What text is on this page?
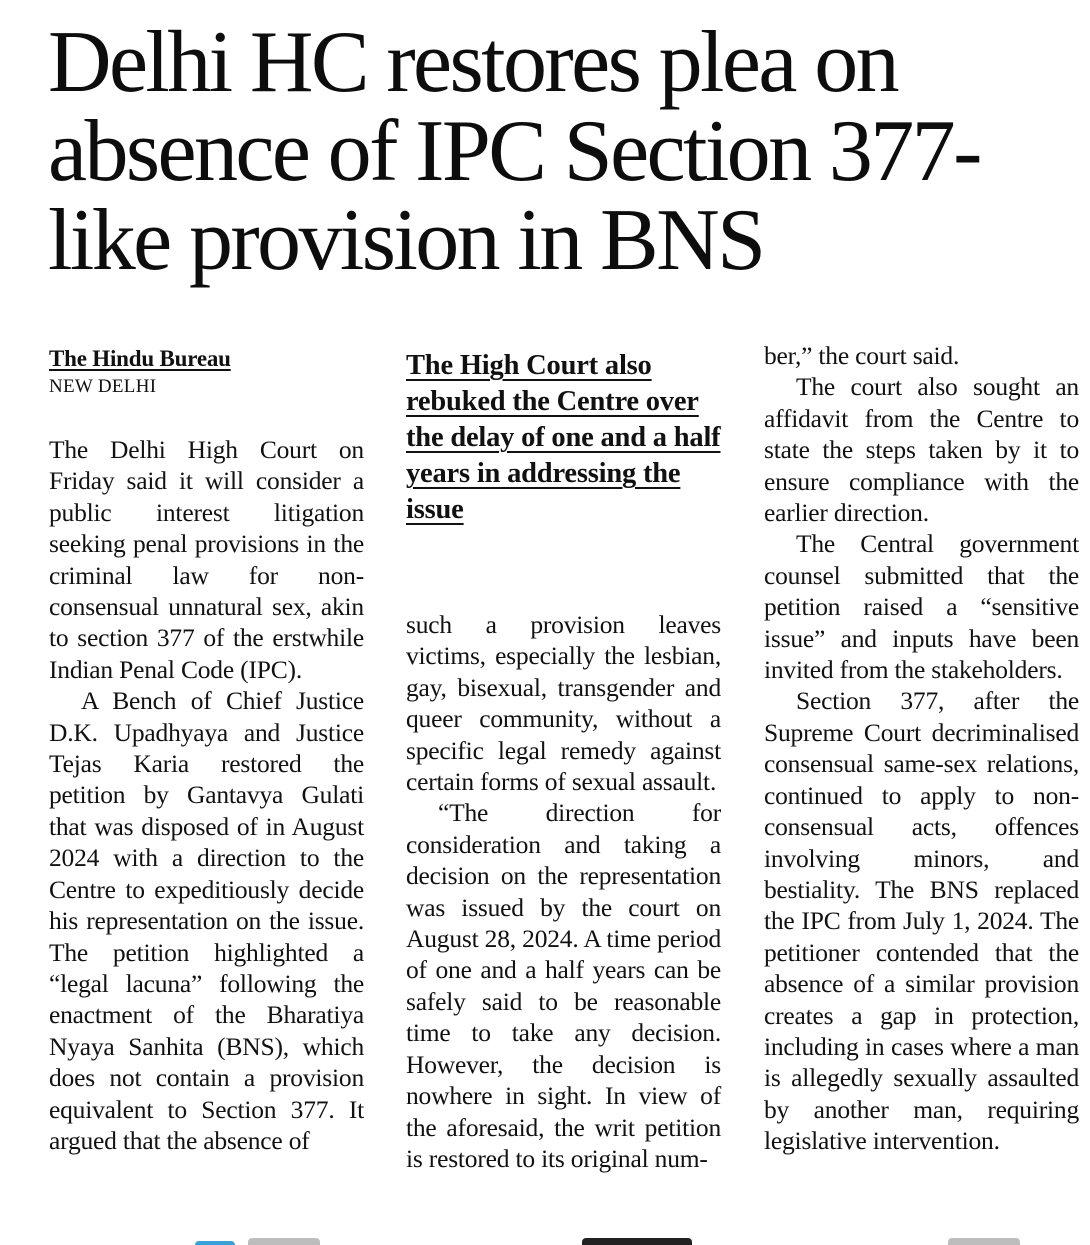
Delhi HC restores plea on absence of IPC Section 377-like provision in BNS
The Hindu Bureau
NEW DELHI

The Delhi High Court on Friday said it will consider a public interest litigation seeking penal provisions in the criminal law for non-consensual unnatural sex, akin to section 377 of the erstwhile Indian Penal Code (IPC).

A Bench of Chief Justice D.K. Upadhyaya and Justice Tejas Karia restored the petition by Gantavya Gulati that was disposed of in August 2024 with a direction to the Centre to expeditiously decide his representation on the issue. The petition highlighted a “legal lacuna” following the enactment of the Bharatiya Nyaya Sanhita (BNS), which does not contain a provision equivalent to Section 377. It argued that the absence of

The High Court also rebuked the Centre over the delay of one and a half years in addressing the issue

such a provision leaves victims, especially the lesbian, gay, bisexual, transgender and queer community, without a specific legal remedy against certain forms of sexual assault.

“The direction for consideration and taking a decision on the representation was issued by the court on August 28, 2024. A time period of one and a half years can be safely said to be reasonable time to take any decision. However, the decision is nowhere in sight. In view of the aforesaid, the writ petition is restored to its original num-

ber,” the court said.

The court also sought an affidavit from the Centre to state the steps taken by it to ensure compliance with the earlier direction.

The Central government counsel submitted that the petition raised a “sensitive issue” and inputs have been invited from the stakeholders.

Section 377, after the Supreme Court decriminalised consensual same-sex relations, continued to apply to non-consensual acts, offences involving minors, and bestiality. The BNS replaced the IPC from July 1, 2024. The petitioner contended that the absence of a similar provision creates a gap in protection, including in cases where a man is allegedly sexually assaulted by another man, requiring legislative intervention.
